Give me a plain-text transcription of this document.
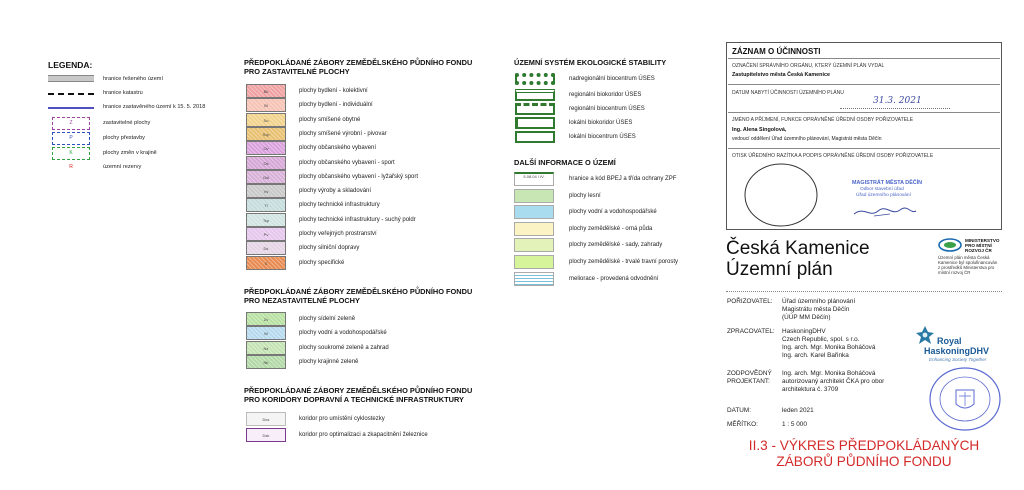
LEGENDA:
hranice řešeného území
hranice katastru
hranice zastavěného území k 15. 5. 2018
Z	zastavitelné plochy
P	plochy přestavby
K	plochy změn v krajině
R	územní rezervy
PŘEDPOKLÁDANÉ ZÁBORY ZEMĚDĚLSKÉHO PŮDNÍHO FONDU
PRO ZASTAVITELNÉ PLOCHY
Bk	plochy bydlení - kolektivní
Bi	plochy bydlení - individuální
So	plochy smíšené obytné
Svp	plochy smíšené výrobní - pivovar
Ov	plochy občanského vybavení
Os	plochy občanského vybavení - sport
Osl	plochy občanského vybavení - lyžařský sport
Vs	plochy výroby a skladování
Ti	plochy technické infrastruktury
Tsp	plochy technické infrastruktury - suchý poldr
Pv	plochy veřejných prostranství
Ds	plochy silniční dopravy
X	plochy specifické
PŘEDPOKLÁDANÉ ZÁBORY ZEMĚDĚLSKÉHO PŮDNÍHO FONDU
PRO NEZASTAVITELNÉ PLOCHY
Zv	plochy sídelní zeleně
W	plochy vodní a vodohospodářské
Nz	plochy soukromé zeleně a zahrad
Nk	plochy krajinné zeleně
PŘEDPOKLÁDANÉ ZÁBORY ZEMĚDĚLSKÉHO PŮDNÍHO FONDU
PRO KORIDORY DOPRAVNÍ A TECHNICKÉ INFRASTRUKTURY
Dcs	koridor pro umístění cyklostezky
Dzk	koridor pro optimalizaci a zkapacitnění železnice
ÚZEMNÍ SYSTÉM EKOLOGICKÉ STABILITY
nadregionální biocentrum ÚSES
regionální biokoridor ÚSES
regionální biocentrum ÚSES
lokální biokoridor ÚSES
lokální biocentrum ÚSES
DALŠÍ INFORMACE O ÚZEMÍ
5.08.04 / IV.	hranice a kód BPEJ a třída ochrany ZPF
plochy lesní
plochy vodní a vodohospodářské
plochy zemědělské - orná půda
plochy zemědělské - sady, zahrady
plochy zemědělské - trvalé travní porosty
meliorace - provedená odvodnění
ZÁZNAM O ÚČINNOSTI
OZNAČENÍ SPRÁVNÍHO ORGÁNU, KTERÝ ÚZEMNÍ PLÁN VYDAL
Zastupitelstvo města Česká Kamenice
DATUM NABYTÍ ÚČINNOSTI ÚZEMNÍHO PLÁNU
31.3. 2021
JMÉNO A PŘÍJMENÍ, FUNKCE OPRÁVNĚNÉ ÚŘEDNÍ OSOBY POŘIZOVATELE
Ing. Alena Singolová,
vedoucí oddělení Úřad územního plánování, Magistrát města Děčín
OTISK ÚŘEDNÍHO RAZÍTKA A PODPIS OPRÁVNĚNÉ ÚŘEDNÍ OSOBY POŘIZOVATELE
MAGISTRÁT MĚSTA DĚČÍN
Odbor stavební úřad
Úřad územního plánování
Česká Kamenice
Územní plán
MINISTERSTVO
PRO MÍSTNÍ
ROZVOJ ČR
Územní plán města Česká
Kamenice byl spolufinancován
z prostředků Ministerstva pro
místní rozvoj ČR
POŘIZOVATEL: Úřad územního plánování
Magistrátu města Děčín
(ÚÚP MM Děčín)
ZPRACOVATEL: HaskoningDHV
Czech Republic, spol. s r.o.
Ing. arch. Mgr. Monika Boháčová
Ing. arch. Karel Bařinka
Royal
HaskoningDHV
Enhancing Society Together
ZODPOVĚDNÝ
PROJEKTANT:
Ing. arch. Mgr. Monika Boháčová
autorizovaný architekt ČKA pro obor
architektura č. 3709
DATUM:	leden 2021
MĚŘÍTKO:	1 : 5 000
II.3 - VÝKRES PŘEDPOKLÁDANÝCH
ZÁBORŮ PŮDNÍHO FONDU
